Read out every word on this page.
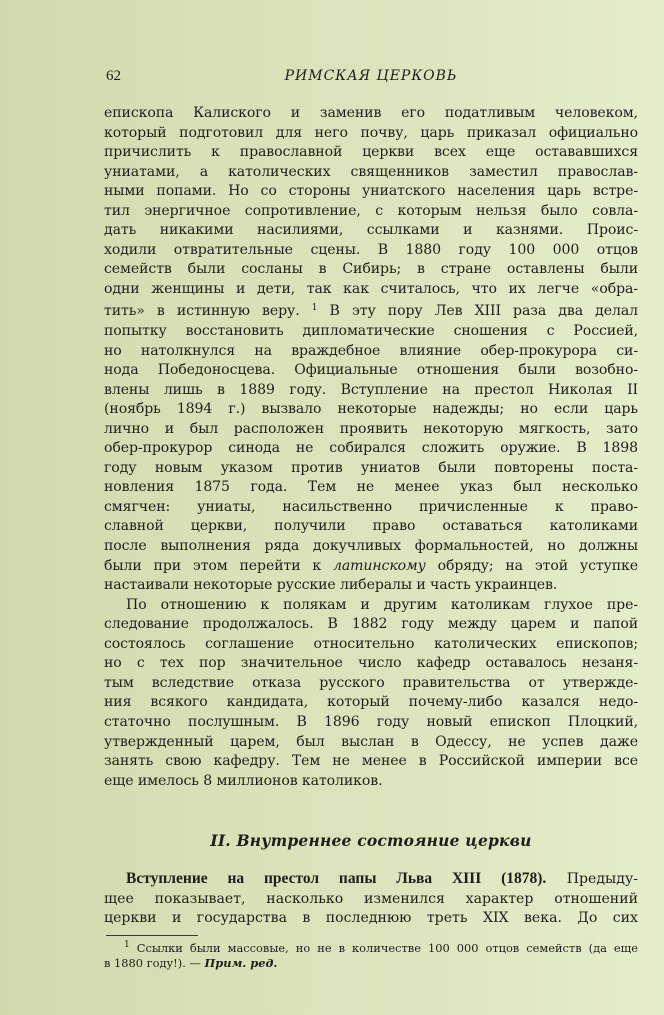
62	РИМСКАЯ ЦЕРКОВЬ

епископа Калиского и заменив его податливым человеком,
который подготовил для него почву, царь приказал официально
причислить к православной церкви всех еще остававшихся
униатами, а католических священников заместил православ-
ными попами. Но со стороны униатского населения царь встре-
тил энергичное сопротивление, с которым нельзя было совла-
дать никакими насилиями, ссылками и казнями. Проис-
ходили отвратительные сцены. В 1880 году 100 000 отцов
семейств были сосланы в Сибирь; в стране оставлены были
одни женщины и дети, так как считалось, что их легче «обра-
тить» в истинную веру. $^1$ В эту пору Лев XIII раза два делал
попытку восстановить дипломатические сношения с Россией,
но натолкнулся на враждебное влияние обер-прокурора си-
нода Победоносцева. Официальные отношения были возобно-
влены лишь в 1889 году. Вступление на престол Николая II
(ноябрь 1894 г.) вызвало некоторые надежды; но если царь
лично и был расположен проявить некоторую мягкость, зато
обер-прокурор синода не собирался сложить оружие. В 1898
году новым указом против униатов были повторены поста-
новления 1875 года. Тем не менее указ был несколько
смягчен: униаты, насильственно причисленные к право-
славной церкви, получили право оставаться католиками
после выполнения ряда докучливых формальностей, но должны
были при этом перейти к латинскому обряду; на этой уступке
настаивали некоторые русские либералы и часть украинцев.

По отношению к полякам и другим католикам глухое пре-
следование продолжалось. В 1882 году между царем и папой
состоялось соглашение относительно католических епископов;
но с тех пор значительное число кафедр оставалось незаня-
тым вследствие отказа русского правительства от утвержде-
ния всякого кандидата, который почему-либо казался недо-
статочно послушным. В 1896 году новый епископ Плоцкий,
утвержденный царем, был выслан в Одессу, не успев даже
занять свою кафедру. Тем не менее в Российской империи все
еще имелось 8 миллионов католиков.

II. Внутреннее состояние церкви
Вступление на престол папы Льва XIII (1878). Предыду-
щее показывает, насколько изменился характер отношений
церкви и государства в последнюю треть XIX века. До сих
$^1$ Ссылки были массовые, но не в количестве 100 000 отцов семейств (да еще
в 1880 году!). — Прим. ред.
